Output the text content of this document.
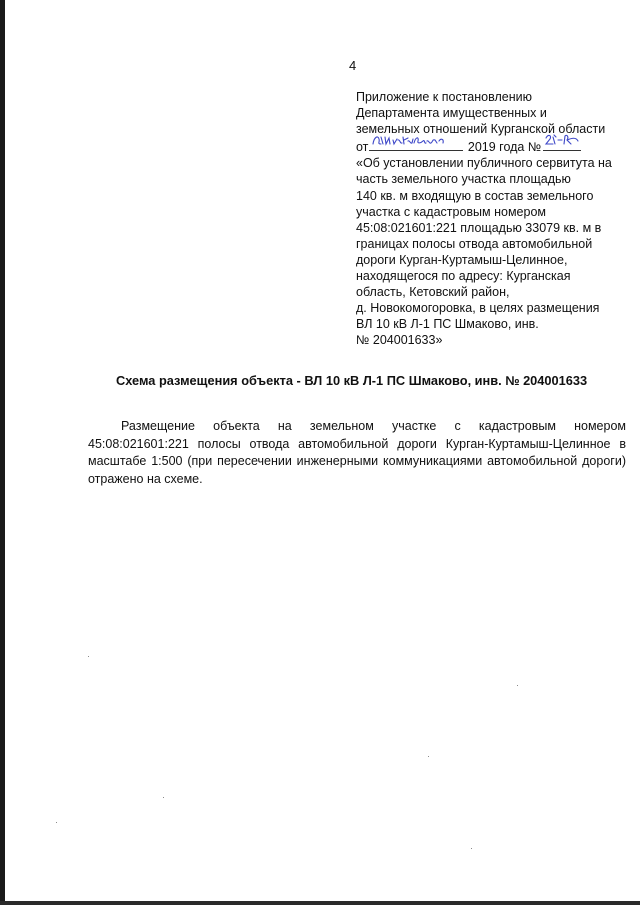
4
Приложение к постановлению
Департамента имущественных и
земельных отношений Курганской области
от	2019 года №
«Об установлении публичного сервитута на
часть земельного участка площадью
140 кв. м входящую в состав земельного
участка с кадастровым номером
45:08:021601:221 площадью 33079 кв. м в
границах полосы отвода автомобильной
дороги Курган-Куртамыш-Целинное,
находящегося по адресу: Курганская
область, Кетовский район,
д. Новокомогоровка, в целях размещения
ВЛ 10 кВ Л-1 ПС Шмаково, инв.
№ 204001633»
Схема размещения объекта - ВЛ 10 кВ Л-1 ПС Шмаково, инв. № 204001633

Размещение объекта на земельном участке с кадастровым номером 45:08:021601:221 полосы отвода автомобильной дороги Курган-Куртамыш-Целинное в масштабе 1:500 (при пересечении инженерными коммуникациями автомобильной дороги) отражено на схеме.
